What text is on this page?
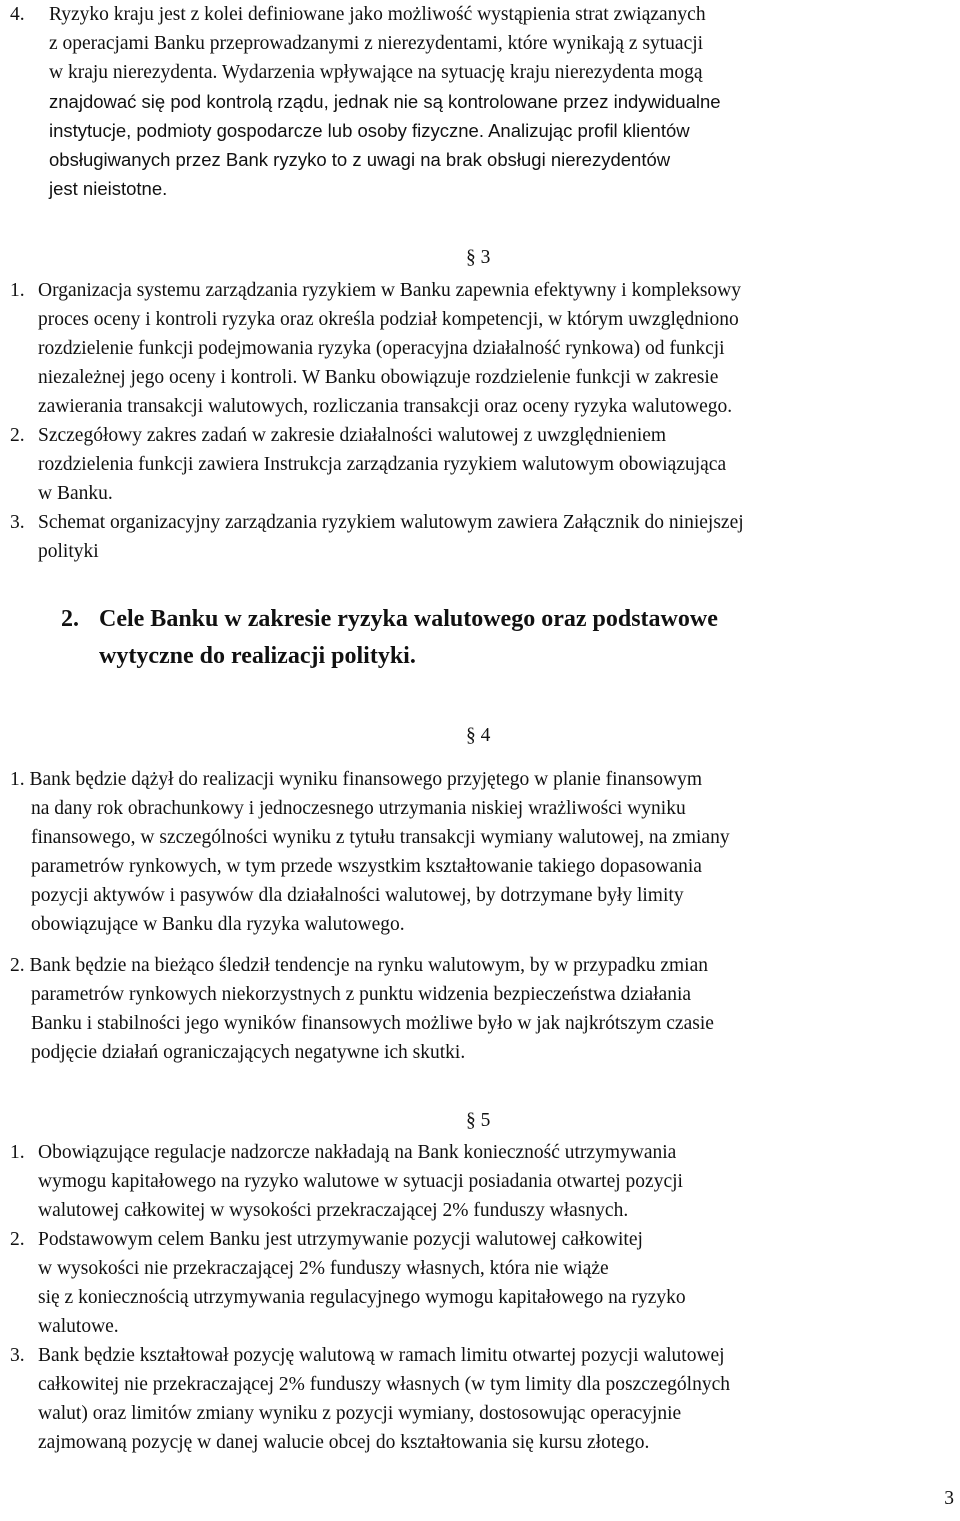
4. Ryzyko kraju jest z kolei definiowane jako możliwość wystąpienia strat związanych
z operacjami Banku przeprowadzanymi z nierezydentami, które wynikają z sytuacji
w kraju nierezydenta. Wydarzenia wpływające na sytuację kraju nierezydenta mogą
znajdować się pod kontrolą rządu, jednak nie są kontrolowane przez indywidualne
instytucje, podmioty gospodarcze lub osoby fizyczne. Analizując profil klientów
obsługiwanych przez Bank ryzyko to z uwagi na brak obsługi nierezydentów
jest nieistotne.
§ 3
1. Organizacja systemu zarządzania ryzykiem w Banku zapewnia efektywny i kompleksowy
proces oceny i kontroli ryzyka oraz określa podział kompetencji, w którym uwzględniono
rozdzielenie funkcji podejmowania ryzyka (operacyjna działalność rynkowa) od funkcji
niezależnej jego oceny i kontroli. W Banku obowiązuje rozdzielenie funkcji w zakresie
zawierania transakcji walutowych, rozliczania transakcji oraz oceny ryzyka walutowego.
2. Szczegółowy zakres zadań w zakresie działalności walutowej z uwzględnieniem
rozdzielenia funkcji zawiera Instrukcja zarządzania ryzykiem walutowym obowiązująca
w Banku.
3. Schemat organizacyjny zarządzania ryzykiem walutowym zawiera Załącznik do niniejszej
polityki
2. Cele Banku w zakresie ryzyka walutowego oraz podstawowe
wytyczne do realizacji polityki.
§ 4
1. Bank będzie dążył do realizacji wyniku finansowego przyjętego w planie finansowym
na dany rok obrachunkowy i jednoczesnego utrzymania niskiej wrażliwości wyniku
finansowego, w szczególności wyniku z tytułu transakcji wymiany walutowej, na zmiany
parametrów rynkowych, w tym przede wszystkim kształtowanie takiego dopasowania
pozycji aktywów i pasywów dla działalności walutowej, by dotrzymane były limity
obowiązujące w Banku dla ryzyka walutowego.
2. Bank będzie na bieżąco śledził tendencje na rynku walutowym, by w przypadku zmian
parametrów rynkowych niekorzystnych z punktu widzenia bezpieczeństwa działania
Banku i stabilności jego wyników finansowych możliwe było w jak najkrótszym czasie
podjęcie działań ograniczających negatywne ich skutki.
§ 5
1. Obowiązujące regulacje nadzorcze nakładają na Bank konieczność utrzymywania
wymogu kapitałowego na ryzyko walutowe w sytuacji posiadania otwartej pozycji
walutowej całkowitej w wysokości przekraczającej 2% funduszy własnych.
2. Podstawowym celem Banku jest utrzymywanie pozycji walutowej całkowitej
w wysokości nie przekraczającej 2% funduszy własnych, która nie wiąże
się z koniecznością utrzymywania regulacyjnego wymogu kapitałowego na ryzyko
walutowe.
3. Bank będzie kształtował pozycję walutową w ramach limitu otwartej pozycji walutowej
całkowitej nie przekraczającej 2% funduszy własnych (w tym limity dla poszczególnych
walut) oraz limitów zmiany wyniku z pozycji wymiany, dostosowując operacyjnie
zajmowaną pozycję w danej walucie obcej do kształtowania się kursu złotego.
3
